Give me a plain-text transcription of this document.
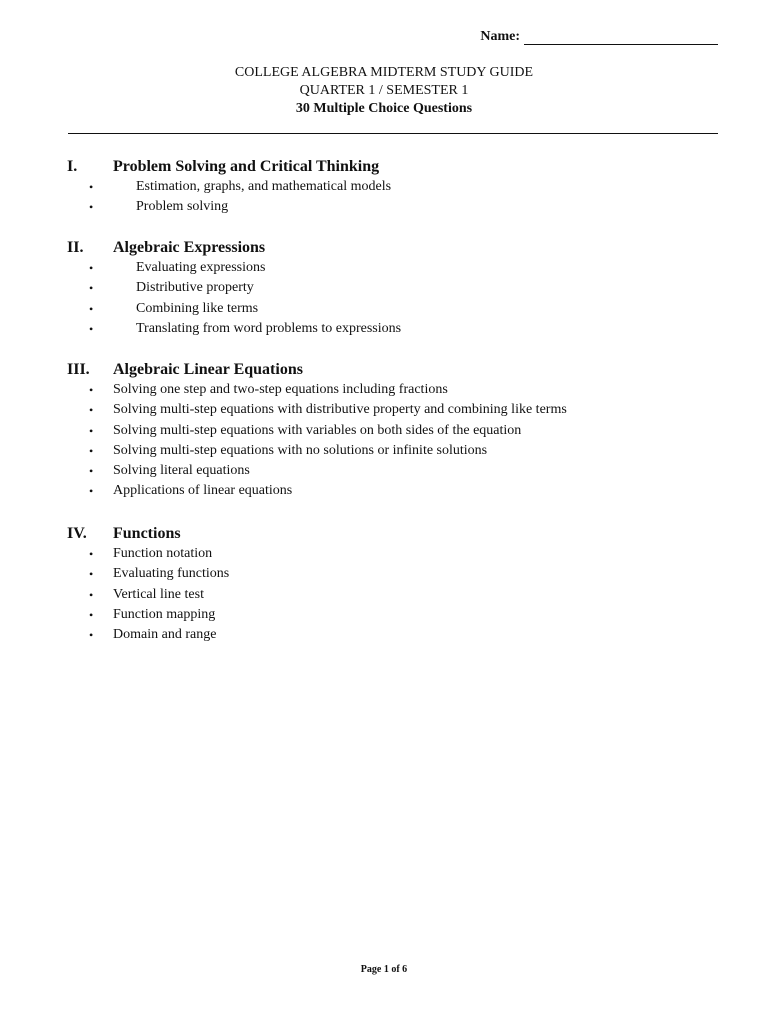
Name:
COLLEGE ALGEBRA MIDTERM STUDY GUIDE
QUARTER 1 / SEMESTER 1
30 Multiple Choice Questions
I.	Problem Solving and Critical Thinking
•	Estimation, graphs, and mathematical models
•	Problem solving
II.	Algebraic Expressions
•	Evaluating expressions
•	Distributive property
•	Combining like terms
•	Translating from word problems to expressions
III.	Algebraic Linear Equations
• Solving one step and two-step equations including fractions
• Solving multi-step equations with distributive property and combining like terms
• Solving multi-step equations with variables on both sides of the equation
• Solving multi-step equations with no solutions or infinite solutions
• Solving literal equations
• Applications of linear equations
IV.	Functions
• Function notation
• Evaluating functions
• Vertical line test
• Function mapping
• Domain and range
Page 1 of 6
